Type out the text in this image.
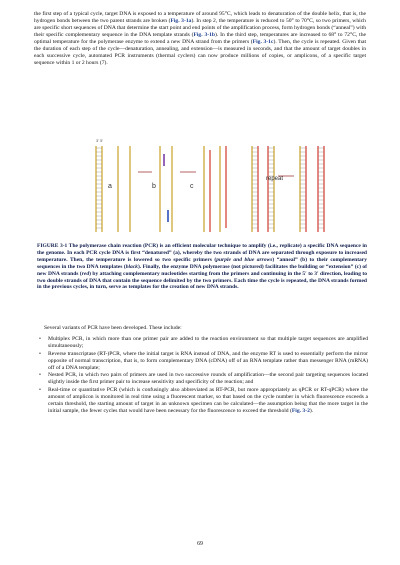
the first step of a typical cycle, target DNA is exposed to a temperature of around 95°C, which leads to denaturation of the double helix, that is, the hydrogen bonds between the two parent strands are broken (Fig. 3-1a). In step 2, the temperature is reduced to 50° to 70°C, so two primers, which are specific short sequences of DNA that determine the start point and end points of the amplification process, form hydrogen bonds (“anneal”) with their specific complementary sequence in the DNA template strands (Fig. 3-1b). In the third step, temperatures are increased to 68° to 72°C, the optimal temperature for the polymerase enzyme to extend a new DNA strand from the primers (Fig. 3-1c). Then, the cycle is repeated. Given that the duration of each step of the cycle—denaturation, annealing, and extension—is measured in seconds, and that the amount of target doubles in each successive cycle, automated PCR instruments (thermal cyclers) can now produce millions of copies, or amplicons, of a specific target sequence within 1 or 2 hours (7).

a	b	c
repeat
3' 5'

FIGURE 3-1 The polymerase chain reaction (PCR) is an efficient molecular technique to amplify (i.e., replicate) a specific DNA sequence in the genome. In each PCR cycle DNA is first “denatured” (a), whereby the two strands of DNA are separated through exposure to increased temperature. Then, the temperature is lowered so two specific primers (purple and blue arrows) “anneal” (b) to their complementary sequences in the two DNA templates (black). Finally, the enzyme DNA polymerase (not pictured) facilitates the building or “extension” (c) of new DNA strands (red) by attaching complementary nucleotides starting from the primers and continuing in the 5′ to 3′ direction, leading to two double strands of DNA that contain the sequence delimited by the two primers. Each time the cycle is repeated, the DNA strands formed in the previous cycles, in turn, serve as templates for the creation of new DNA strands.

Several variants of PCR have been developed. These include:

• Multiplex PCR, in which more than one primer pair are added to the reaction environment so that multiple target sequences are amplified simultaneously;
• Reverse transcriptase (RT-)PCR, where the initial target is RNA instead of DNA, and the enzyme RT is used to essentially perform the mirror opposite of normal transcription, that is, to form complementary DNA (cDNA) off of an RNA template rather than messenger RNA (mRNA) off of a DNA template;
• Nested PCR, in which two pairs of primers are used in two successive rounds of amplification—the second pair targeting sequences located slightly inside the first primer pair to increase sensitivity and specificity of the reaction; and
• Real-time or quantitative PCR (which is confusingly also abbreviated as RT-PCR, but more appropriately as qPCR or RT-qPCR) where the amount of amplicon is monitored in real time using a fluorescent marker, so that based on the cycle number in which fluorescence exceeds a certain threshold, the starting amount of target in an unknown specimen can be calculated—the assumption being that the more target in the initial sample, the fewer cycles that would have been necessary for the fluorescence to exceed the threshold (Fig. 3-2).
69
